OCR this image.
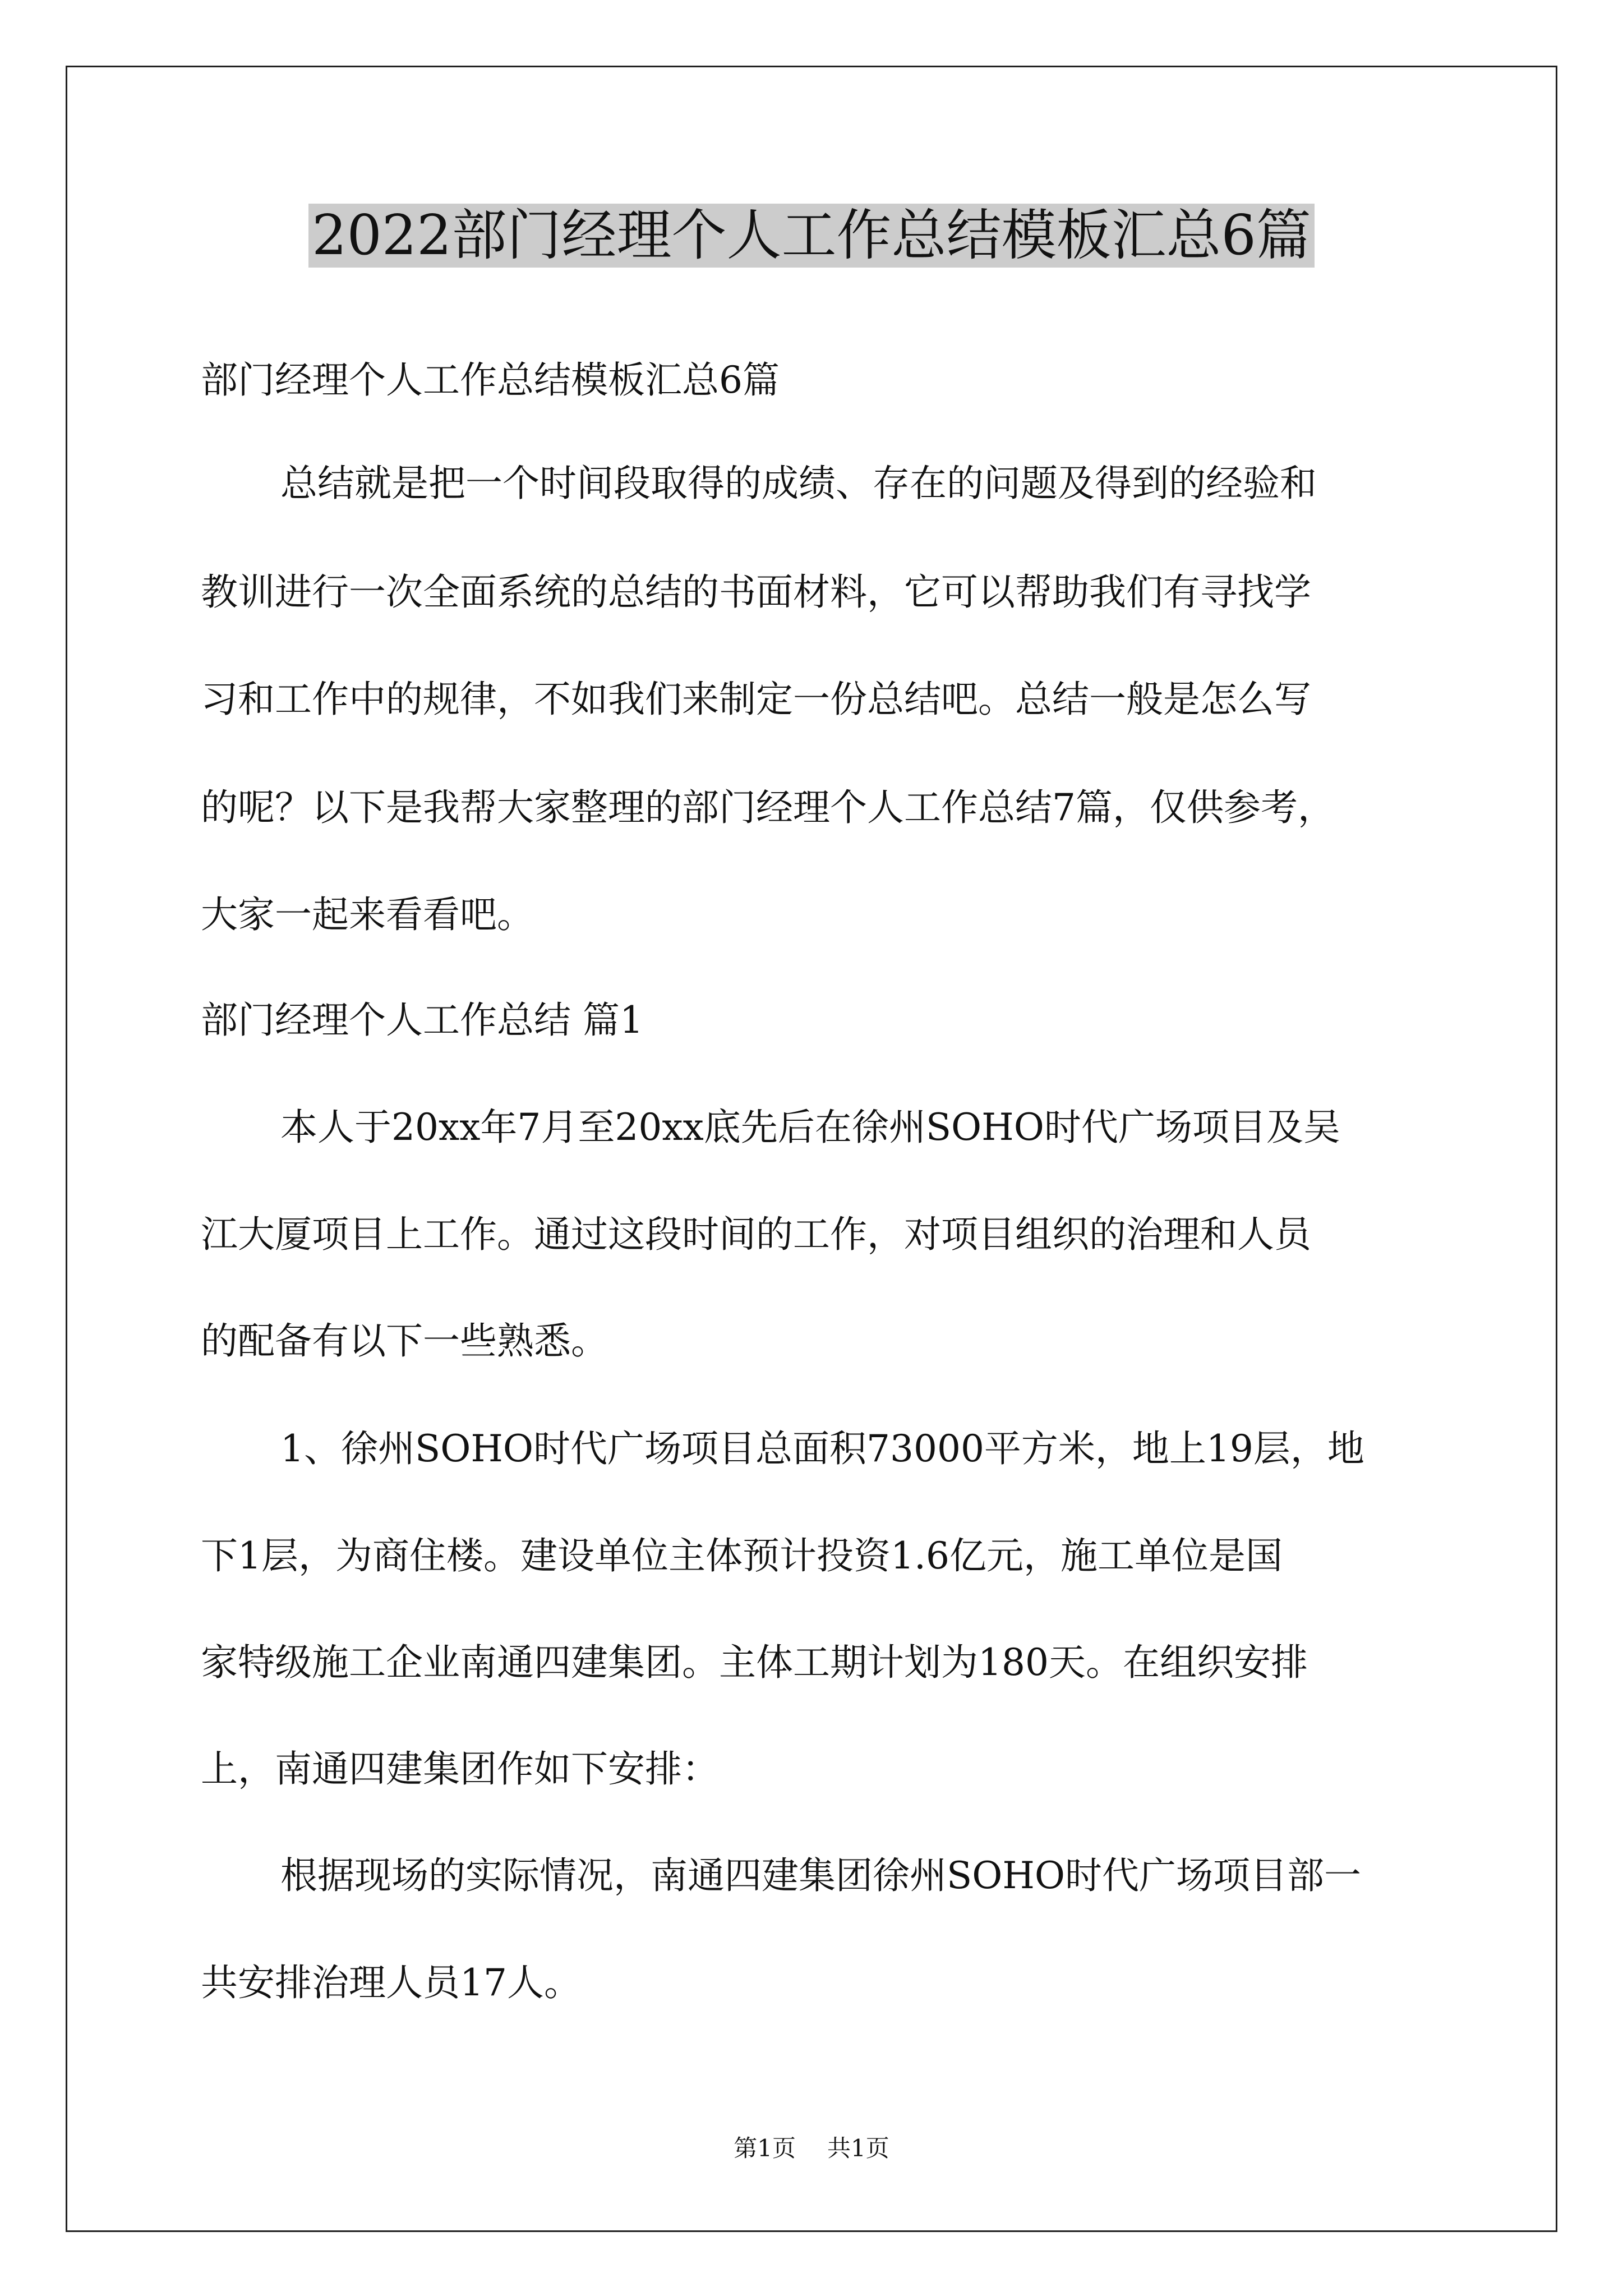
2022部门经理个人工作总结模板汇总6篇

部门经理个人工作总结模板汇总6篇

总结就是把一个时间段取得的成绩、存在的问题及得到的经验和

教训进行一次全面系统的总结的书面材料，它可以帮助我们有寻找学

习和工作中的规律，不如我们来制定一份总结吧。总结一般是怎么写

的呢？以下是我帮大家整理的部门经理个人工作总结7篇，仅供参考，

大家一起来看看吧。

部门经理个人工作总结 篇1

本人于20xx年7月至20xx底先后在徐州SOHO时代广场项目及吴

江大厦项目上工作。通过这段时间的工作，对项目组织的治理和人员

的配备有以下一些熟悉。

1、徐州SOHO时代广场项目总面积73000平方米，地上19层，地

下1层，为商住楼。建设单位主体预计投资1.6亿元，施工单位是国

家特级施工企业南通四建集团。主体工期计划为180天。在组织安排

上，南通四建集团作如下安排：

根据现场的实际情况，南通四建集团徐州SOHO时代广场项目部一

共安排治理人员17人。

第1页 共1页
